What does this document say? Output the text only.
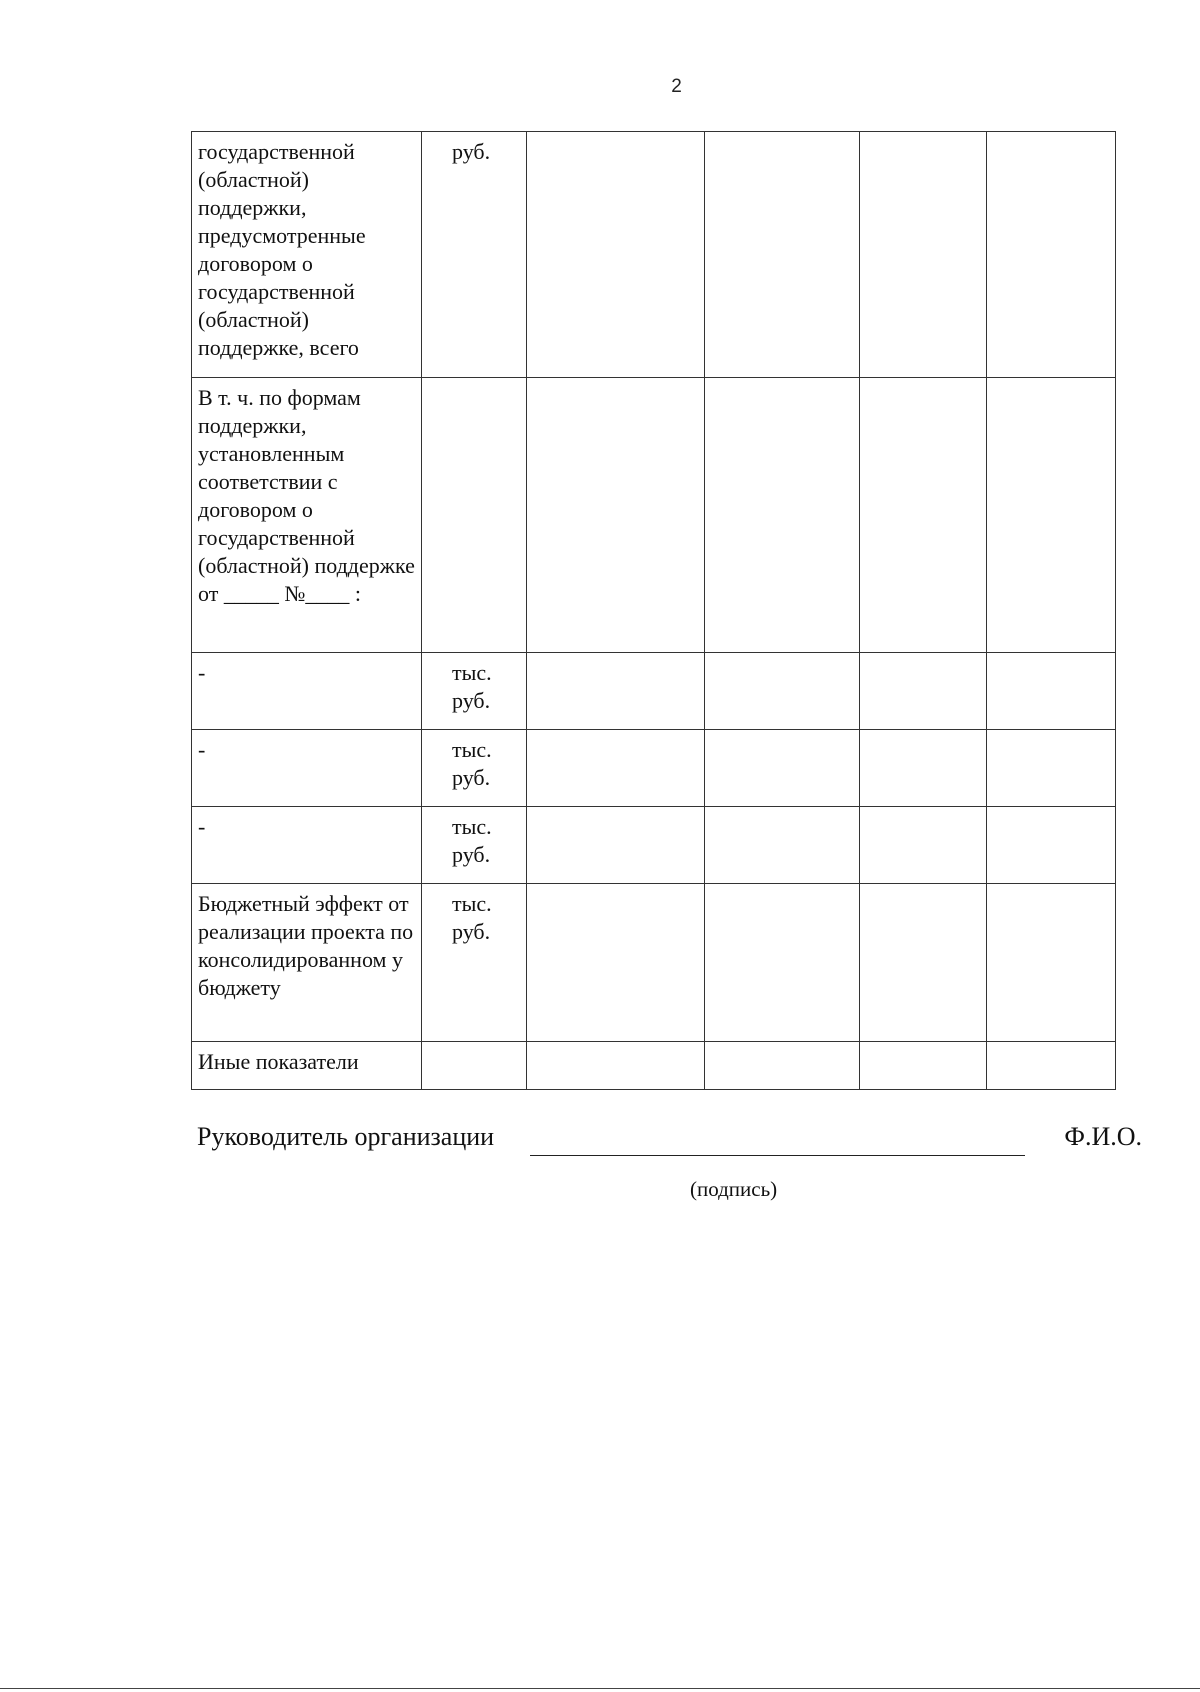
2
государственной (областной) поддержки, предусмотренные договором о государственной (областной) поддержке, всего	руб.				
В т. ч. по формам поддержки, установленным соответствии с договором о государственной (областной) поддержке от _____ №____ :					
-	тыс. руб.				
-	тыс. руб.				
-	тыс. руб.				
Бюджетный эффект от реализации проекта по консолидированном у бюджету	тыс. руб.				
Иные показатели					
Руководитель организации	Ф.И.О.
(подпись)
